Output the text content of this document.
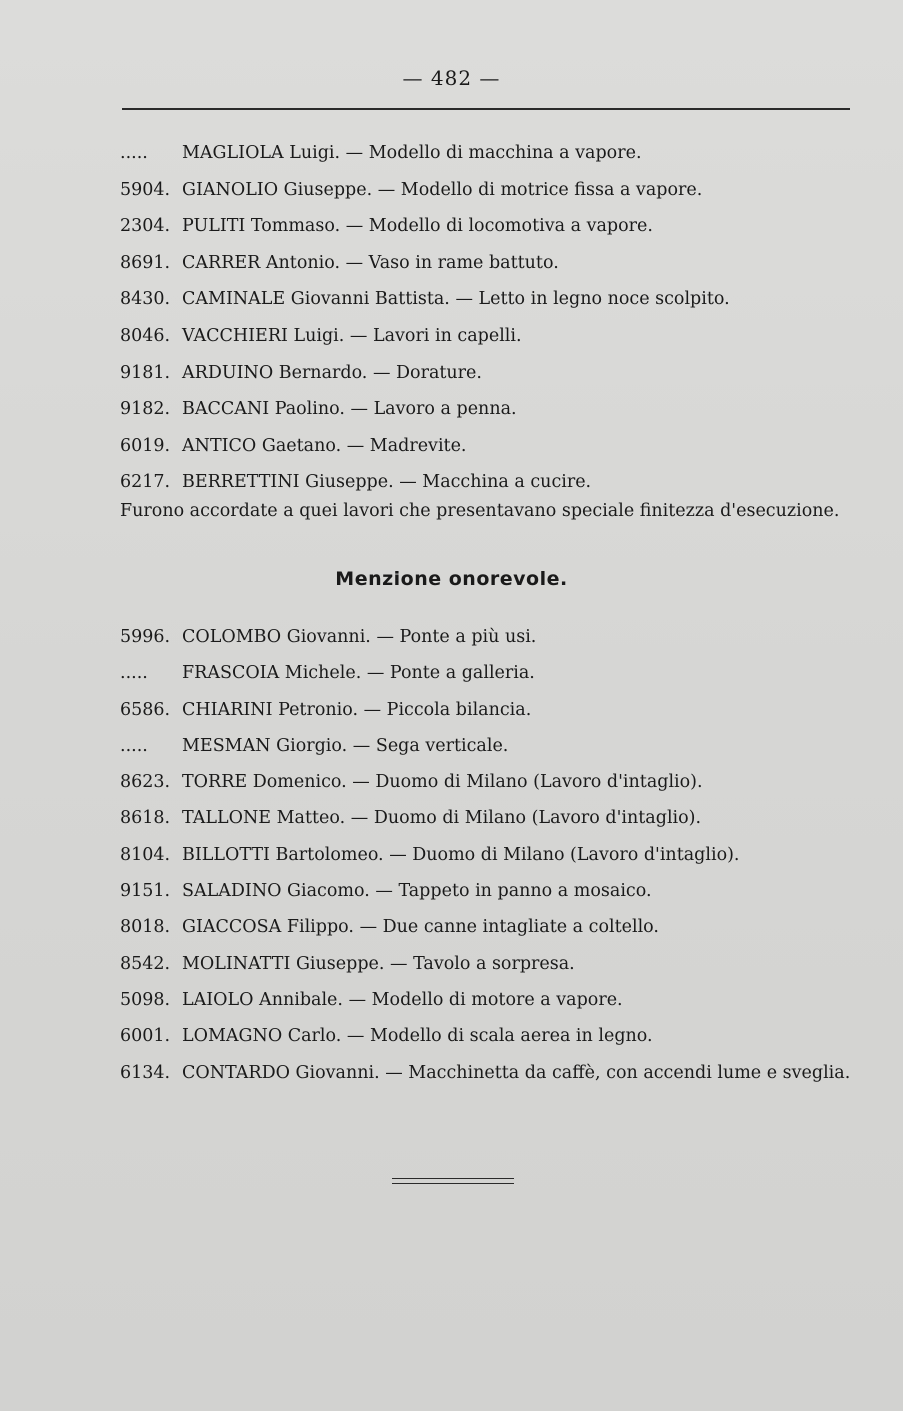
— 482 —
..... MAGLIOLA Luigi. — Modello di macchina a vapore.
5904. GIANOLIO Giuseppe. — Modello di motrice fissa a vapore.
2304. PULITI Tommaso. — Modello di locomotiva a vapore.
8691. CARRER Antonio. — Vaso in rame battuto.
8430. CAMINALE Giovanni Battista. — Letto in legno noce scolpito.
8046. VACCHIERI Luigi. — Lavori in capelli.
9181. ARDUINO Bernardo. — Dorature.
9182. BACCANI Paolino. — Lavoro a penna.
6019. ANTICO Gaetano. — Madrevite.
6217. BERRETTINI Giuseppe. — Macchina a cucire.
Furono accordate a quei lavori che presentavano speciale finitezza d'esecuzione.
Menzione onorevole.
5996. COLOMBO Giovanni. — Ponte a più usi.
..... FRASCOIA Michele. — Ponte a galleria.
6586. CHIARINI Petronio. — Piccola bilancia.
..... MESMAN Giorgio. — Sega verticale.
8623. TORRE Domenico. — Duomo di Milano (Lavoro d'intaglio).
8618. TALLONE Matteo. — Duomo di Milano (Lavoro d'intaglio).
8104. BILLOTTI Bartolomeo. — Duomo di Milano (Lavoro d'intaglio).
9151. SALADINO Giacomo. — Tappeto in panno a mosaico.
8018. GIACCOSA Filippo. — Due canne intagliate a coltello.
8542. MOLINATTI Giuseppe. — Tavolo a sorpresa.
5098. LAIOLO Annibale. — Modello di motore a vapore.
6001. LOMAGNO Carlo. — Modello di scala aerea in legno.
6134. CONTARDO Giovanni. — Macchinetta da caffè, con accendi lume e sveglia.
